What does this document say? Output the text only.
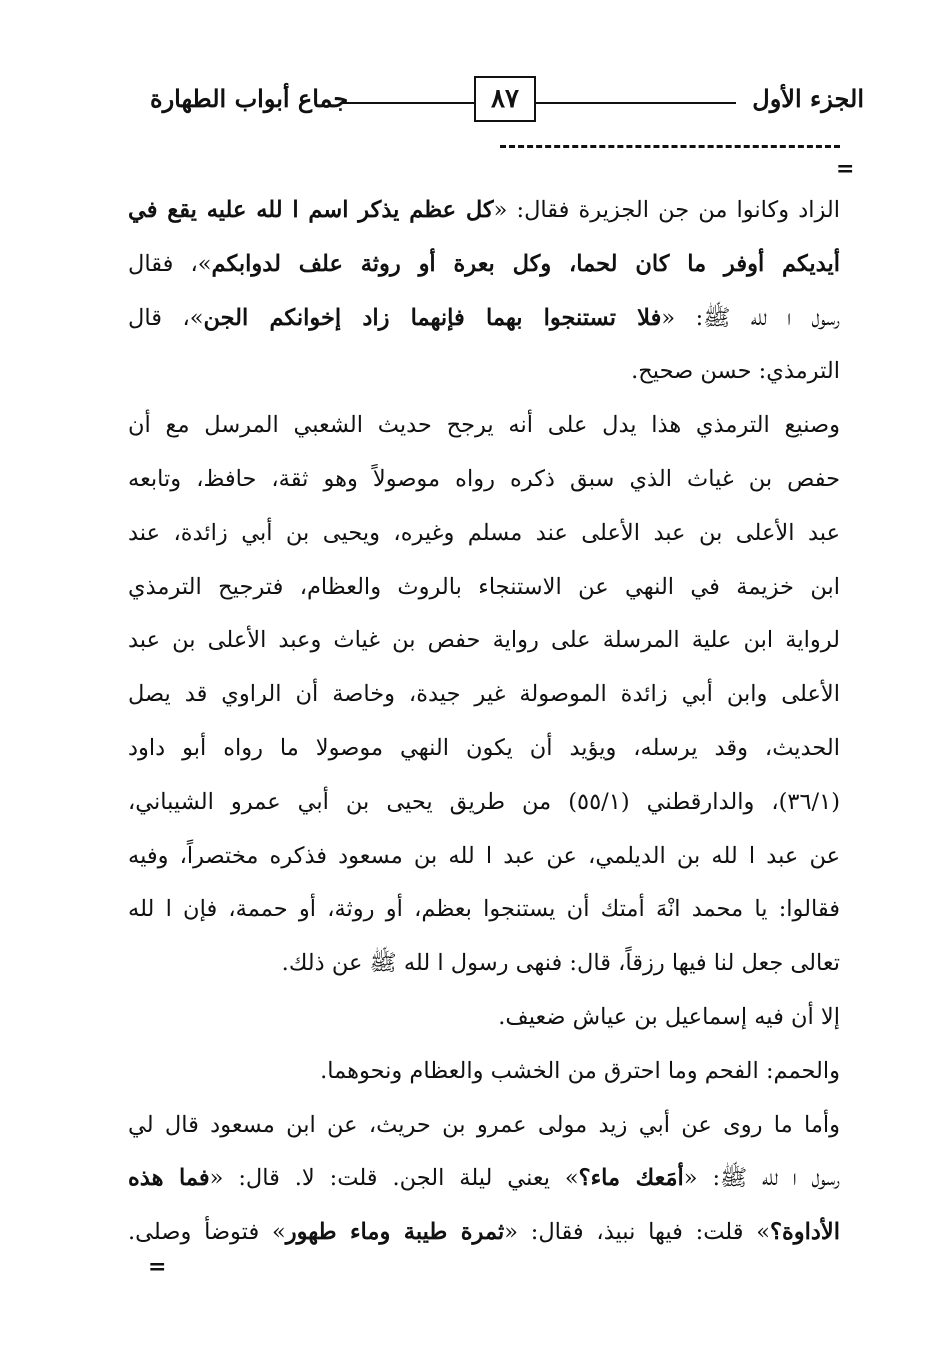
الجزء الأول
٨٧
جماع أبواب الطهارة
=
الزاد وكانوا من جن الجزيرة فقال: «كل عظم يذكر اسم ا لله عليه يقع في
أيديكم أوفر ما كان لحما، وكل بعرة أو روثة علف لدوابكم»، فقال
رسول ا لله ﷺ: «فلا تستنجوا بهما فإنهما زاد إخوانكم الجن»، قال
الترمذي: حسن صحيح.
وصنيع الترمذي هذا يدل على أنه يرجح حديث الشعبي المرسل مع أن
حفص بن غياث الذي سبق ذكره رواه موصولاً وهو ثقة، حافظ، وتابعه
عبد الأعلى بن عبد الأعلى عند مسلم وغيره، ويحيى بن أبي زائدة، عند
ابن خزيمة في النهي عن الاستنجاء بالروث والعظام، فترجيح الترمذي
لرواية ابن علية المرسلة على رواية حفص بن غياث وعبد الأعلى بن عبد
الأعلى وابن أبي زائدة الموصولة غير جيدة، وخاصة أن الراوي قد يصل
الحديث، وقد يرسله، ويؤيد أن يكون النهي موصولا ما رواه أبو داود
(٣٦/١)، والدارقطني (٥٥/١) من طريق يحيى بن أبي عمرو الشيباني،
عن عبد ا لله بن الديلمي، عن عبد ا لله بن مسعود فذكره مختصراً، وفيه
فقالوا: يا محمد انْهَ أمتك أن يستنجوا بعظم، أو روثة، أو حممة، فإن ا لله
تعالى جعل لنا فيها رزقاً، قال: فنهى رسول ا لله ﷺ عن ذلك.
إلا أن فيه إسماعيل بن عياش ضعيف.
والحمم: الفحم وما احترق من الخشب والعظام ونحوهما.
وأما ما روى عن أبي زيد مولى عمرو بن حريث، عن ابن مسعود قال لي
رسول ا لله ﷺ: «أمَعك ماء؟» يعني ليلة الجن. قلت: لا. قال: «فما هذه
الأداوة؟» قلت: فيها نبيذ، فقال: «ثمرة طيبة وماء طهور» فتوضأ وصلى.
=
